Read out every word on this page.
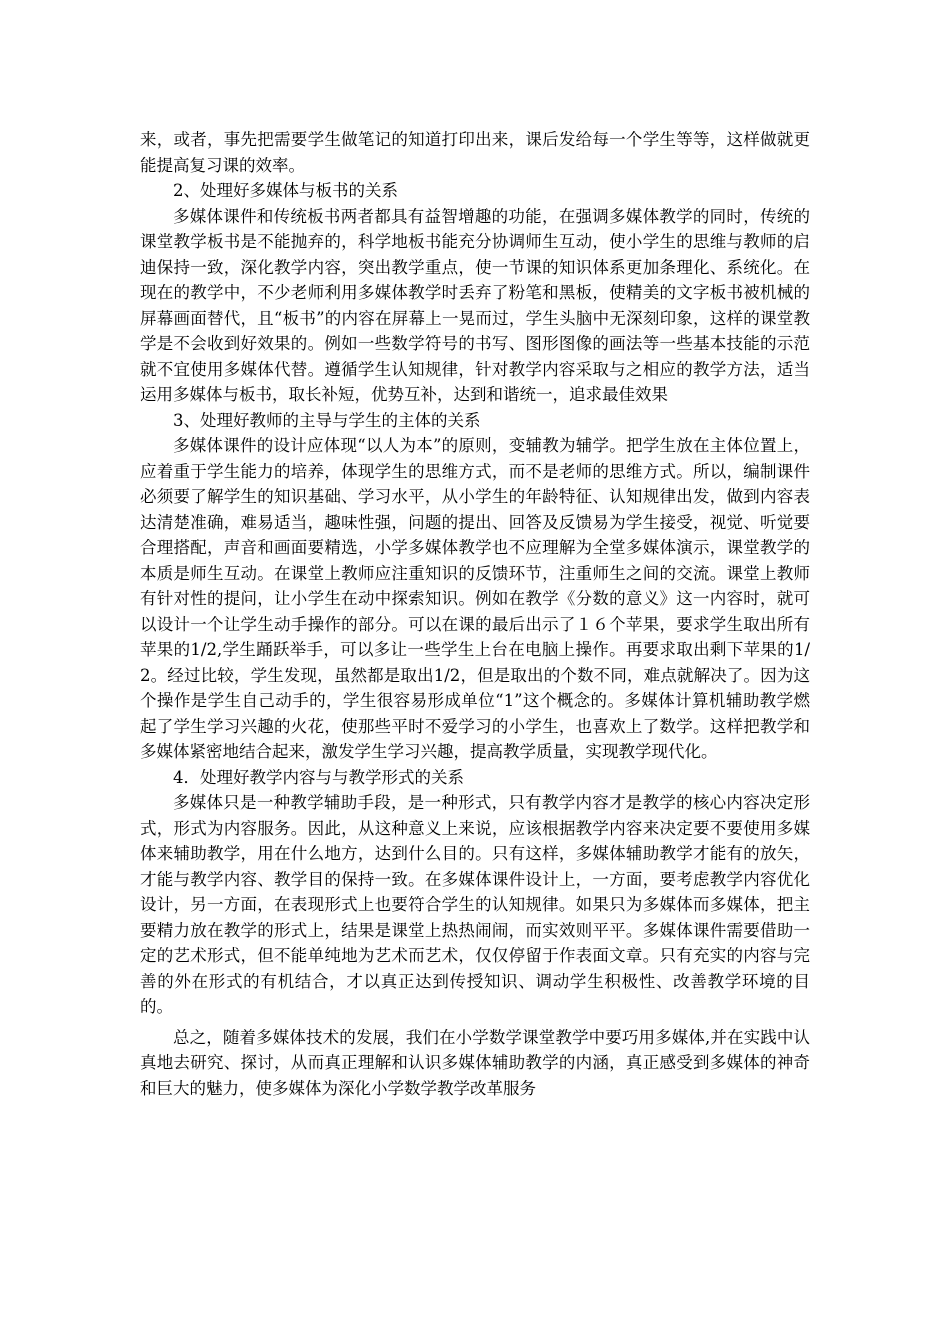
来，或者，事先把需要学生做笔记的知道打印出来，课后发给每一个学生等等，这样做就更能提高复习课的效率。

2、处理好多媒体与板书的关系

多媒体课件和传统板书两者都具有益智增趣的功能，在强调多媒体教学的同时，传统的课堂教学板书是不能抛弃的，科学地板书能充分协调师生互动，使小学生的思维与教师的启迪保持一致，深化教学内容，突出教学重点，使一节课的知识体系更加条理化、系统化。在现在的教学中，不少老师利用多媒体教学时丢弃了粉笔和黑板，使精美的文字板书被机械的屏幕画面替代，且“板书”的内容在屏幕上一晃而过，学生头脑中无深刻印象，这样的课堂教学是不会收到好效果的。例如一些数学符号的书写、图形图像的画法等一些基本技能的示范就不宜使用多媒体代替。遵循学生认知规律，针对教学内容采取与之相应的教学方法，适当运用多媒体与板书，取长补短，优势互补，达到和谐统一，追求最佳效果

3、处理好教师的主导与学生的主体的关系

多媒体课件的设计应体现“以人为本”的原则，变辅教为辅学。把学生放在主体位置上，应着重于学生能力的培养，体现学生的思维方式，而不是老师的思维方式。所以，编制课件必须要了解学生的知识基础、学习水平，从小学生的年龄特征、认知规律出发，做到内容表达清楚准确，难易适当，趣味性强，问题的提出、回答及反馈易为学生接受，视觉、听觉要合理搭配，声音和画面要精选，小学多媒体教学也不应理解为全堂多媒体演示，课堂教学的本质是师生互动。在课堂上教师应注重知识的反馈环节，注重师生之间的交流。课堂上教师有针对性的提问，让小学生在动中探索知识。例如在教学《分数的意义》这一内容时，就可以设计一个让学生动手操作的部分。可以在课的最后出示了１６个苹果，要求学生取出所有苹果的1/2,学生踊跃举手，可以多让一些学生上台在电脑上操作。再要求取出剩下苹果的1/2。经过比较，学生发现，虽然都是取出1/2，但是取出的个数不同，难点就解决了。因为这个操作是学生自己动手的，学生很容易形成单位“1”这个概念的。多媒体计算机辅助教学燃起了学生学习兴趣的火花，使那些平时不爱学习的小学生，也喜欢上了数学。这样把教学和多媒体紧密地结合起来，激发学生学习兴趣，提高教学质量，实现教学现代化。

4．处理好教学内容与与教学形式的关系

多媒体只是一种教学辅助手段，是一种形式，只有教学内容才是教学的核心内容决定形式，形式为内容服务。因此，从这种意义上来说，应该根据教学内容来决定要不要使用多媒体来辅助教学，用在什么地方，达到什么目的。只有这样，多媒体辅助教学才能有的放矢，才能与教学内容、教学目的保持一致。在多媒体课件设计上，一方面，要考虑教学内容优化设计，另一方面，在表现形式上也要符合学生的认知规律。如果只为多媒体而多媒体，把主要精力放在教学的形式上，结果是课堂上热热闹闹，而实效则平平。多媒体课件需要借助一定的艺术形式，但不能单纯地为艺术而艺术，仅仅停留于作表面文章。只有充实的内容与完善的外在形式的有机结合，才以真正达到传授知识、调动学生积极性、改善教学环境的目的。

总之，随着多媒体技术的发展，我们在小学数学课堂教学中要巧用多媒体,并在实践中认真地去研究、探讨，从而真正理解和认识多媒体辅助教学的内涵，真正感受到多媒体的神奇和巨大的魅力，使多媒体为深化小学数学教学改革服务
